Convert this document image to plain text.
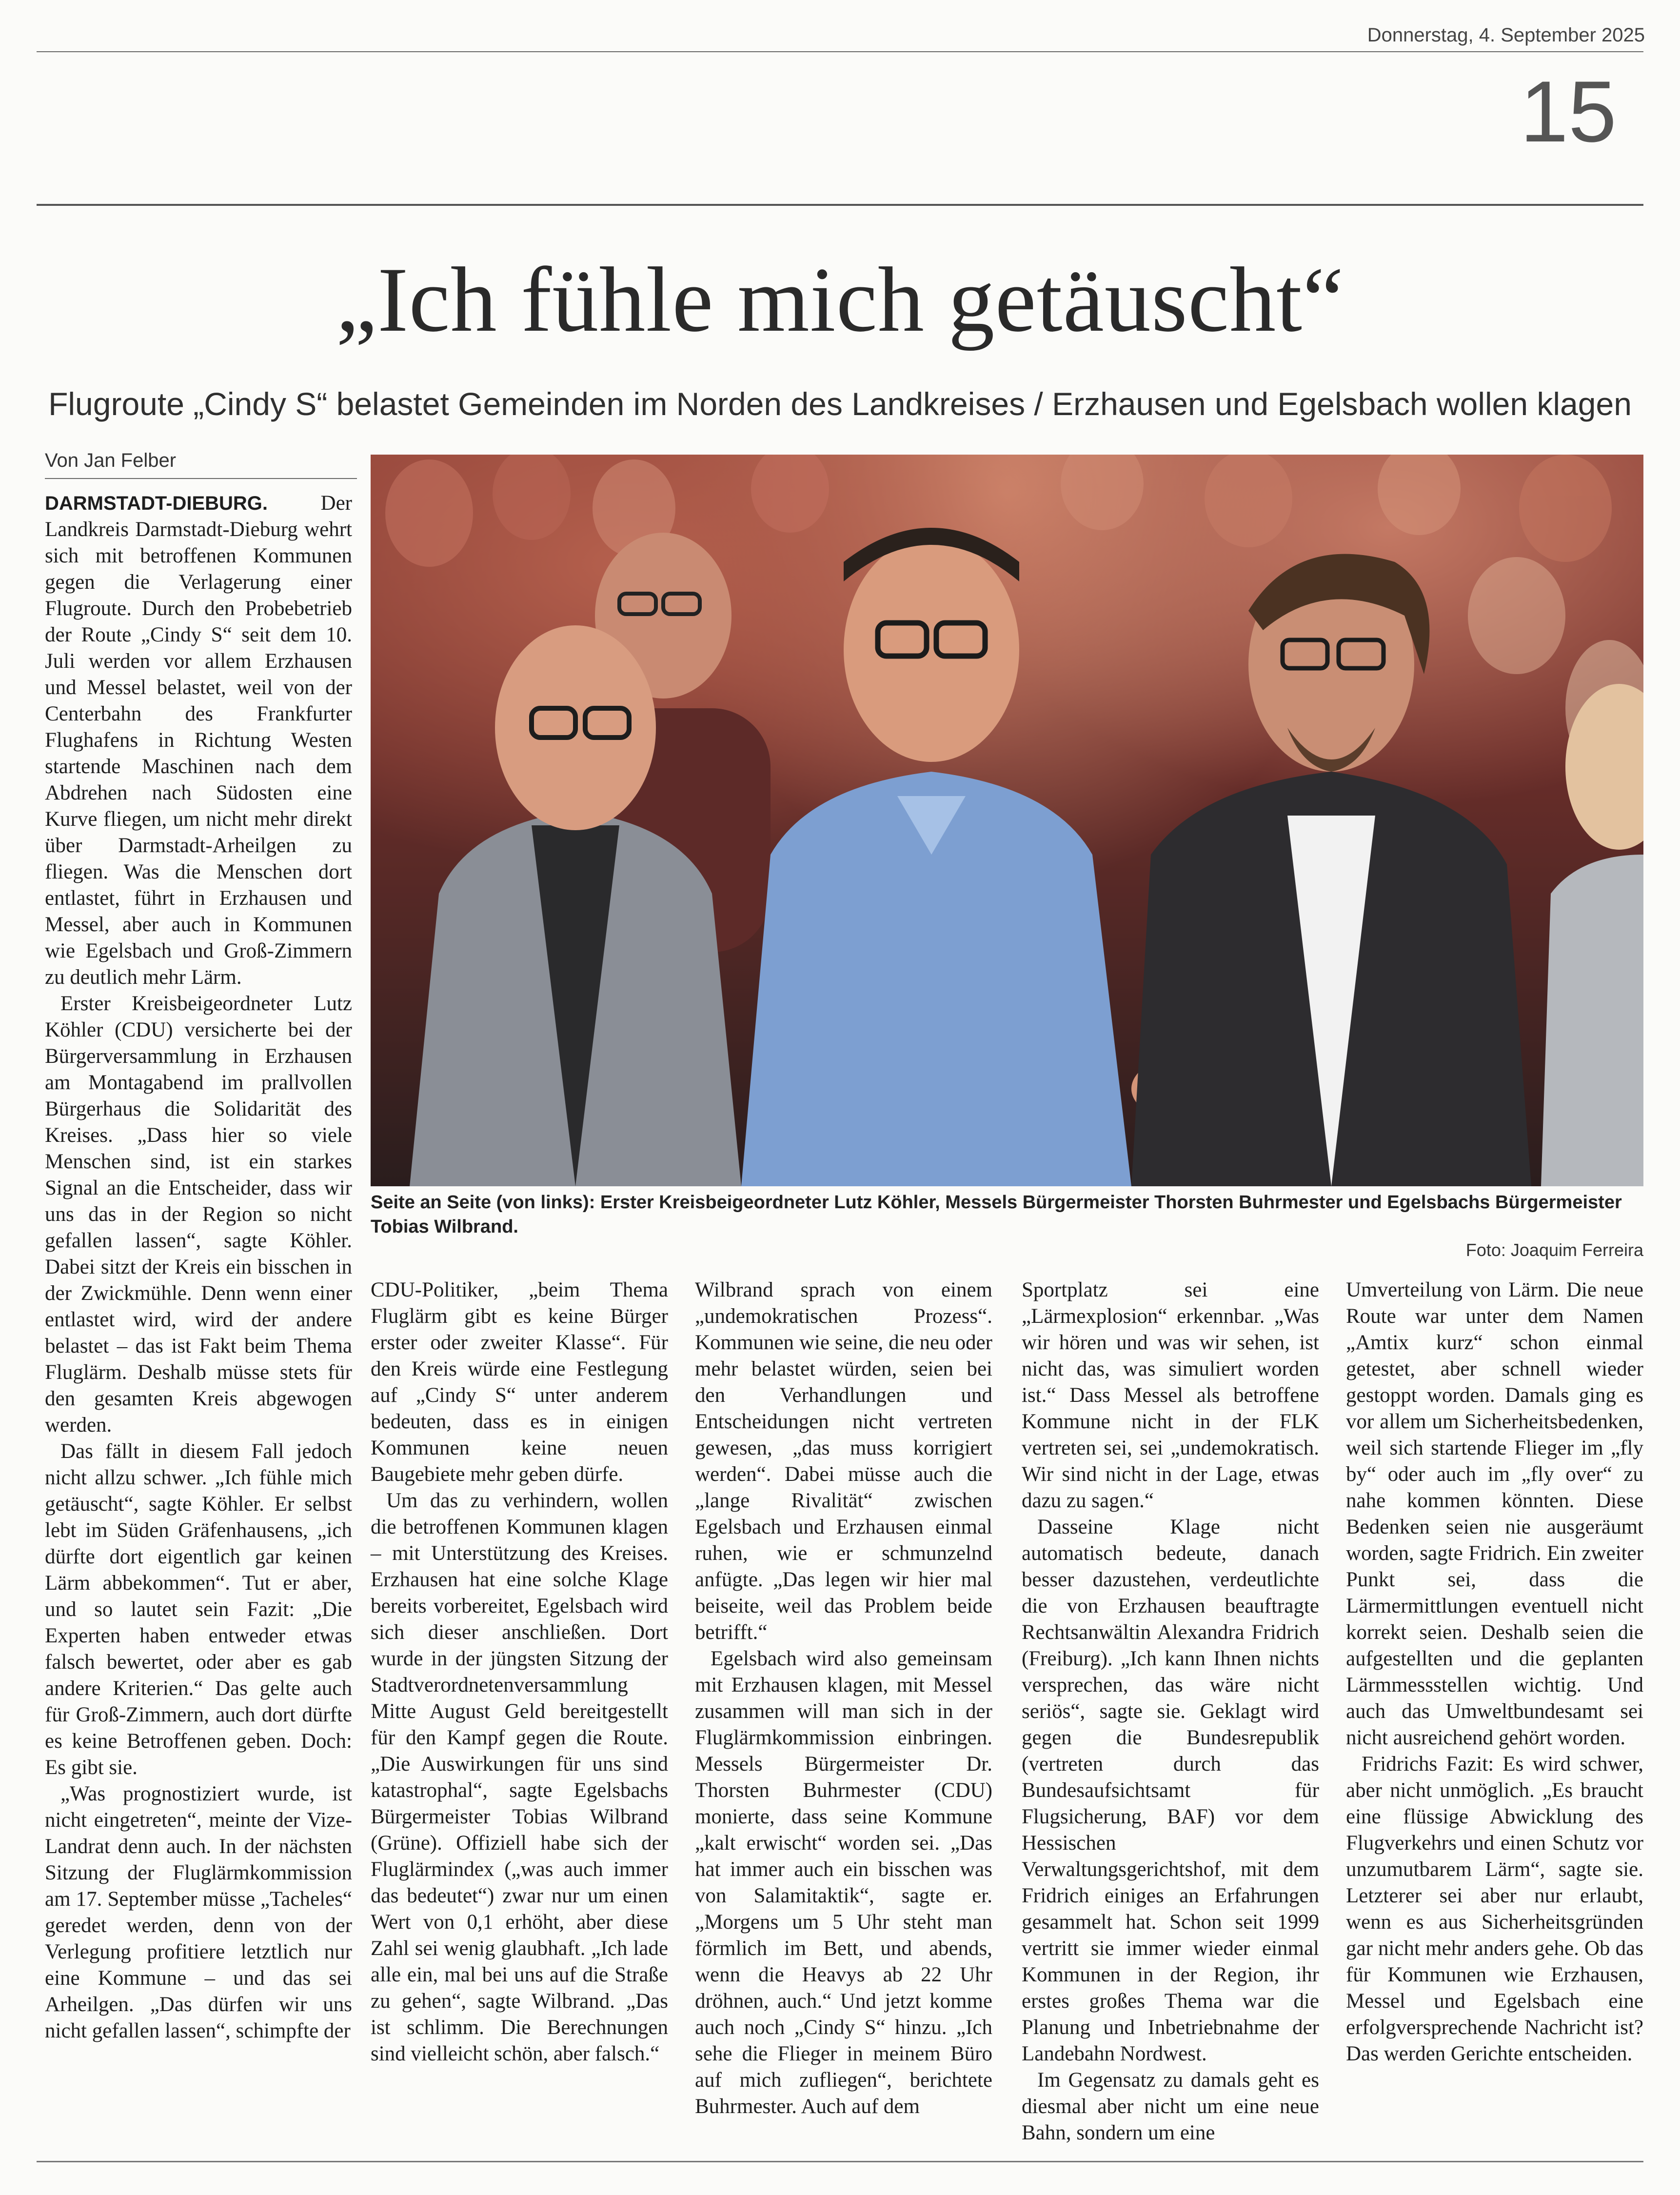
Donnerstag, 4. September 2025
15
„Ich fühle mich getäuscht“
Flugroute „Cindy S“ belastet Gemeinden im Norden des Landkreises / Erzhausen und Egelsbach wollen klagen
Von Jan Felber
Seite an Seite (von links): Erster Kreisbeigeordneter Lutz Köhler, Messels Bürgermeister Thorsten Buhrmester und Egelsbachs Bürgermeister Tobias Wilbrand.
Foto: Joaquim Ferreira

DARMSTADT-DIEBURG.	Der Landkreis Darmstadt-Dieburg wehrt sich mit betroffenen Kommunen gegen die Verlagerung einer Flugroute. Durch den Probebetrieb der Route „Cindy S“ seit dem 10. Juli werden vor allem Erzhausen und Messel belastet, weil von der Centerbahn des Frankfurter Flughafens in Richtung Westen startende Maschinen nach dem Abdrehen nach Südosten eine Kurve fliegen, um nicht mehr direkt über Darmstadt-Arheilgen zu fliegen. Was die Menschen dort entlastet, führt in Erzhausen und Messel, aber auch in Kommunen wie Egelsbach und Groß-Zimmern zu deutlich mehr Lärm.

Erster Kreisbeigeordneter Lutz Köhler (CDU) versicherte bei der Bürgerversammlung in Erzhausen am Montagabend im prallvollen Bürgerhaus die Solidarität des Kreises. „Dass hier so viele Menschen sind, ist ein starkes Signal an die Entscheider, dass wir uns das in der Region so nicht gefallen lassen“, sagte Köhler. Dabei sitzt der Kreis ein bisschen in der Zwickmühle. Denn wenn einer entlastet wird, wird der andere belastet – das ist Fakt beim Thema Fluglärm. Deshalb müsse stets für den gesamten Kreis abgewogen werden.

Das fällt in diesem Fall jedoch nicht allzu schwer. „Ich fühle mich getäuscht“, sagte Köhler. Er selbst lebt im Süden Gräfenhausens, „ich dürfte dort eigentlich gar keinen Lärm abbekommen“. Tut er aber, und so lautet sein Fazit: „Die Experten haben entweder etwas falsch bewertet, oder aber es gab andere Kriterien.“ Das gelte auch für Groß-Zimmern, auch dort dürfte es keine Betroffenen geben. Doch: Es gibt sie.

„Was prognostiziert wurde, ist nicht eingetreten“, meinte der Vize-Landrat denn auch. In der nächsten Sitzung der Fluglärmkommission am 17. September müsse „Tacheles“ geredet werden, denn von der Verlegung profitiere letztlich nur eine Kommune – und das sei Arheilgen. „Das dürfen wir uns nicht gefallen lassen“, schimpfte der

CDU-Politiker, „beim Thema Fluglärm gibt es keine Bürger erster oder zweiter Klasse“. Für den Kreis würde eine Festlegung auf „Cindy S“ unter anderem bedeuten, dass es in einigen Kommunen keine neuen Baugebiete mehr geben dürfe.

Um das zu verhindern, wollen die betroffenen Kommunen klagen – mit Unterstützung des Kreises. Erzhausen hat eine solche Klage bereits vorbereitet, Egelsbach wird sich dieser anschließen. Dort wurde in der jüngsten Sitzung der Stadtverordnetenversammlung Mitte August Geld bereitgestellt für den Kampf gegen die Route. „Die Auswirkungen für uns sind katastrophal“, sagte Egelsbachs Bürgermeister Tobias Wilbrand (Grüne). Offiziell habe sich der Fluglärmindex („was auch immer das bedeutet“) zwar nur um einen Wert von 0,1 erhöht, aber diese Zahl sei wenig glaubhaft. „Ich lade alle ein, mal bei uns auf die Straße zu gehen“, sagte Wilbrand. „Das ist schlimm. Die Berechnungen sind vielleicht schön, aber falsch.“

Wilbrand sprach von einem „undemokratischen Prozess“. Kommunen wie seine, die neu oder mehr belastet würden, seien bei den Verhandlungen und Entscheidungen nicht vertreten gewesen, „das muss korrigiert werden“. Dabei müsse auch die „lange Rivalität“ zwischen Egelsbach und Erzhausen einmal ruhen, wie er schmunzelnd anfügte. „Das legen wir hier mal beiseite, weil das Problem beide betrifft.“

Egelsbach wird also gemeinsam mit Erzhausen klagen, mit Messel zusammen will man sich in der Fluglärmkommission einbringen. Messels Bürgermeister Dr. Thorsten Buhrmester (CDU) monierte, dass seine Kommune „kalt erwischt“ worden sei. „Das hat immer auch ein bisschen was von Salamitaktik“, sagte er. „Morgens um 5 Uhr steht man förmlich im Bett, und abends, wenn die Heavys ab 22 Uhr dröhnen, auch.“ Und jetzt komme auch noch „Cindy S“ hinzu. „Ich sehe die Flieger in meinem Büro auf mich zufliegen“, berichtete Buhrmester. Auch auf dem

Sportplatz sei eine „Lärmexplosion“ erkennbar. „Was wir hören und was wir sehen, ist nicht das, was simuliert worden ist.“ Dass Messel als betroffene Kommune nicht in der FLK vertreten sei, sei „undemokratisch. Wir sind nicht in der Lage, etwas dazu zu sagen.“

Dasseine Klage nicht automatisch bedeute, danach besser dazustehen, verdeutlichte die von Erzhausen beauftragte Rechtsanwältin Alexandra Fridrich (Freiburg). „Ich kann Ihnen nichts versprechen, das wäre nicht seriös“, sagte sie. Geklagt wird gegen die Bundesrepublik (vertreten durch das Bundesaufsichtsamt für Flugsicherung, BAF) vor dem Hessischen Verwaltungsgerichtshof, mit dem Fridrich einiges an Erfahrungen gesammelt hat. Schon seit 1999 vertritt sie immer wieder einmal Kommunen in der Region, ihr erstes großes Thema war die Planung und Inbetriebnahme der Landebahn Nordwest.

Im Gegensatz zu damals geht es diesmal aber nicht um eine neue Bahn, sondern um eine

Umverteilung von Lärm. Die neue Route war unter dem Namen „Amtix kurz“ schon einmal getestet, aber schnell wieder gestoppt worden. Damals ging es vor allem um Sicherheitsbedenken, weil sich startende Flieger im „fly by“ oder auch im „fly over“ zu nahe kommen könnten. Diese Bedenken seien nie ausgeräumt worden, sagte Fridrich. Ein zweiter Punkt sei, dass die Lärmermittlungen eventuell nicht korrekt seien. Deshalb seien die aufgestellten und die geplanten Lärmmessstellen wichtig. Und auch das Umweltbundesamt sei nicht ausreichend gehört worden.

Fridrichs Fazit: Es wird schwer, aber nicht unmöglich. „Es braucht eine flüssige Abwicklung des Flugverkehrs und einen Schutz vor unzumutbarem Lärm“, sagte sie. Letzterer sei aber nur erlaubt, wenn es aus Sicherheitsgründen gar nicht mehr anders gehe. Ob das für Kommunen wie Erzhausen, Messel und Egelsbach eine erfolgversprechende Nachricht ist? Das werden Gerichte entscheiden.
